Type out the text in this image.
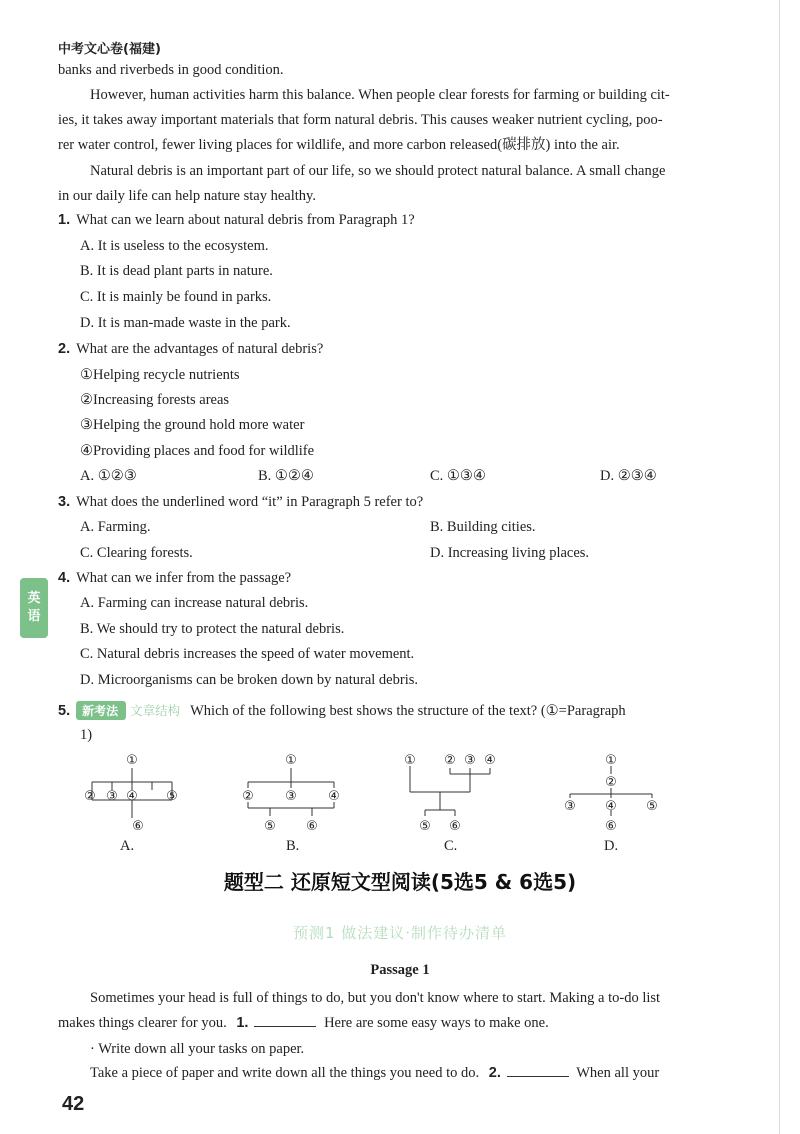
中考文心卷(福建)
banks and riverbeds in good condition.
However, human activities harm this balance. When people clear forests for farming or building cit-
ies, it takes away important materials that form natural debris. This causes weaker nutrient cycling, poo-
rer water control, fewer living places for wildlife, and more carbon released(碳排放) into the air.
Natural debris is an important part of our life, so we should protect natural balance. A small change
in our daily life can help nature stay healthy.
1. What can we learn about natural debris from Paragraph 1?
A. It is useless to the ecosystem.
B. It is dead plant parts in nature.
C. It is mainly be found in parks.
D. It is man-made waste in the park.
2. What are the advantages of natural debris?
①Helping recycle nutrients
②Increasing forests areas
③Helping the ground hold more water
④Providing places and food for wildlife
A. ①②③	B. ①②④	C. ①③④	D. ②③④
3. What does the underlined word “it” in Paragraph 5 refer to?
A. Farming.	B. Building cities.
C. Clearing forests.	D. Increasing living places.
英
语
4. What can we infer from the passage?
A. Farming can increase natural debris.
B. We should try to protect the natural debris.
C. Natural debris increases the speed of water movement.
D. Microorganisms can be broken down by natural debris.
5. 新考法 文章结构 Which of the following best shows the structure of the text? (①=Paragraph
1)
①
② ③ ④ ⑤
⑥
A.
①
② ③ ④
⑤ ⑥
B.
① ② ③ ④
⑤ ⑥
C.
①
②
③ ④ ⑤
⑥
D.
题型二 还原短文型阅读(5选5 & 6选5)
预测1 做法建议·制作待办清单
Passage 1
Sometimes your head is full of things to do, but you don't know where to start. Making a to-do list
makes things clearer for you. 1.	Here are some easy ways to make one.
· Write down all your tasks on paper.
Take a piece of paper and write down all the things you need to do. 2.	When all your
42
